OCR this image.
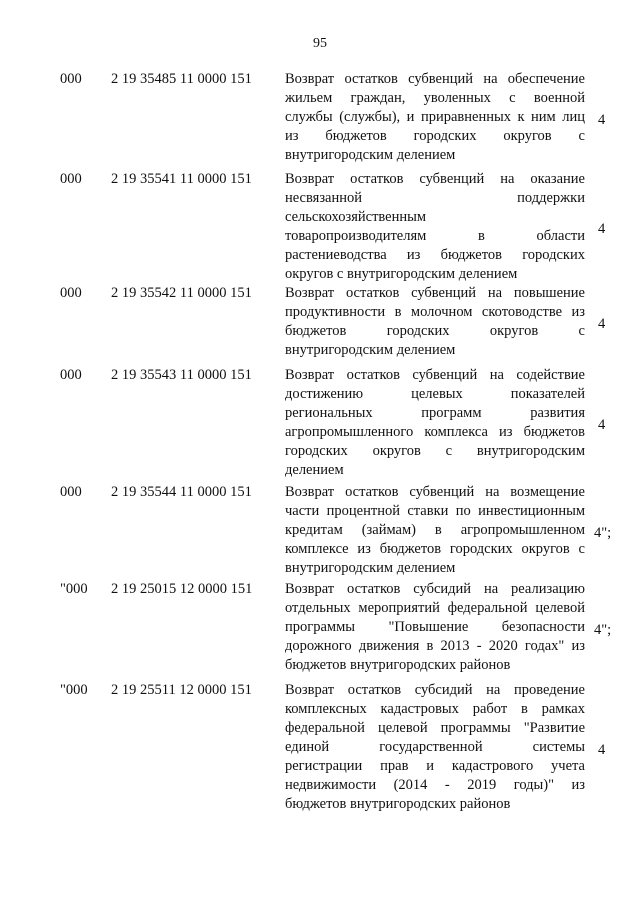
95
000 2 19 35485 11 0000 151 Возврат остатков субвенций на обеспечение
жильем граждан, уволенных с военной
службы (службы), и приравненных к ним лиц
из бюджетов городских округов с
внутригородским делением
4
000 2 19 35541 11 0000 151 Возврат остатков субвенций на оказание
несвязанной поддержки
сельскохозяйственным
товаропроизводителям в области
растениеводства из бюджетов городских
округов с внутригородским делением
4
000 2 19 35542 11 0000 151 Возврат остатков субвенций на повышение
продуктивности в молочном скотоводстве из
бюджетов городских округов с
внутригородским делением
4
000 2 19 35543 11 0000 151 Возврат остатков субвенций на содействие
достижению целевых показателей
региональных программ развития
агропромышленного комплекса из бюджетов
городских округов с внутригородским
делением
4
000 2 19 35544 11 0000 151 Возврат остатков субвенций на возмещение
части процентной ставки по инвестиционным
кредитам (займам) в агропромышленном
комплексе из бюджетов городских округов с
внутригородским делением
4";
"000 2 19 25015 12 0000 151 Возврат остатков субсидий на реализацию
отдельных мероприятий федеральной целевой
программы "Повышение безопасности
дорожного движения в 2013 - 2020 годах" из
бюджетов внутригородских районов
4";
"000 2 19 25511 12 0000 151 Возврат остатков субсидий на проведение
комплексных кадастровых работ в рамках
федеральной целевой программы "Развитие
единой государственной системы
регистрации прав и кадастрового учета
недвижимости (2014 - 2019 годы)" из
бюджетов внутригородских районов
4
